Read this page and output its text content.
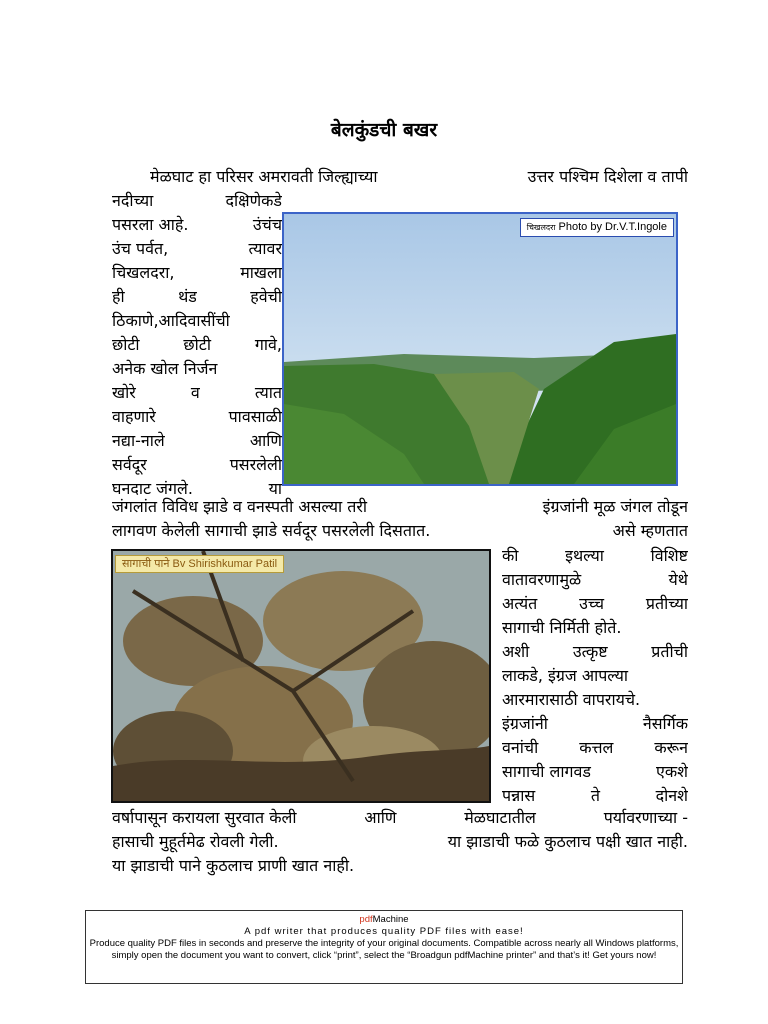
बेलकुंडची बखर
मेळघाट हा परिसर अमरावती जिल्ह्याच्या	उत्तर पश्चिम दिशेला व तापी
नदीच्या	दक्षिणेकडे
पसरला आहे.	उंचंच
उंच पर्वत,	त्यावर
चिखलदरा,	माखला
ही	थंड	हवेची
ठिकाणे,आदिवासींची
छोटी	छोटी	गावे,
अनेक खोल निर्जन
खोरे	व	त्यात
वाहणारे	पावसाळी
नद्या-नाले	आणि
सर्वदूर	पसरलेली
घनदाट जंगले.	या
जंगलांत विविध झाडे व वनस्पती असल्या तरी	इंग्रजांनी मूळ जंगल तोडून
लागवण केलेली सागाची झाडे सर्वदूर पसरलेली दिसतात.	असे म्हणतात
की	इथल्या	विशिष्ट
वातावरणामुळे	येथे
अत्यंत	उच्च	प्रतीच्या
सागाची निर्मिती होते.
अशी	उत्कृष्ट	प्रतीची
लाकडे, इंग्रज आपल्या
आरमारासाठी वापरायचे.
इंग्रजांनी	नैसर्गिक
वनांची	कत्तल	करून
सागाची लागवड	एकशे
पन्नास	ते	दोनशे
वर्षापासून करायला सुरवात केली	आणि	मेळघाटातील	पर्यावरणाच्या -
हासाची मुहूर्तमेढ रोवली गेली.	या झाडाची फळे कुठलाच पक्षी खात नाही.
या झाडाची पाने कुठलाच प्राणी खात नाही.
चिखलदरा Photo by Dr.V.T.Ingole
सागाची पाने Bv Shirishkumar Patil
pdfMachine
A pdf writer that produces quality PDF files with ease!
Produce quality PDF files in seconds and preserve the integrity of your original documents. Compatible across nearly all Windows platforms, simply open the document you want to convert, click “print”, select the “Broadgun pdfMachine printer” and that’s it! Get yours now!
